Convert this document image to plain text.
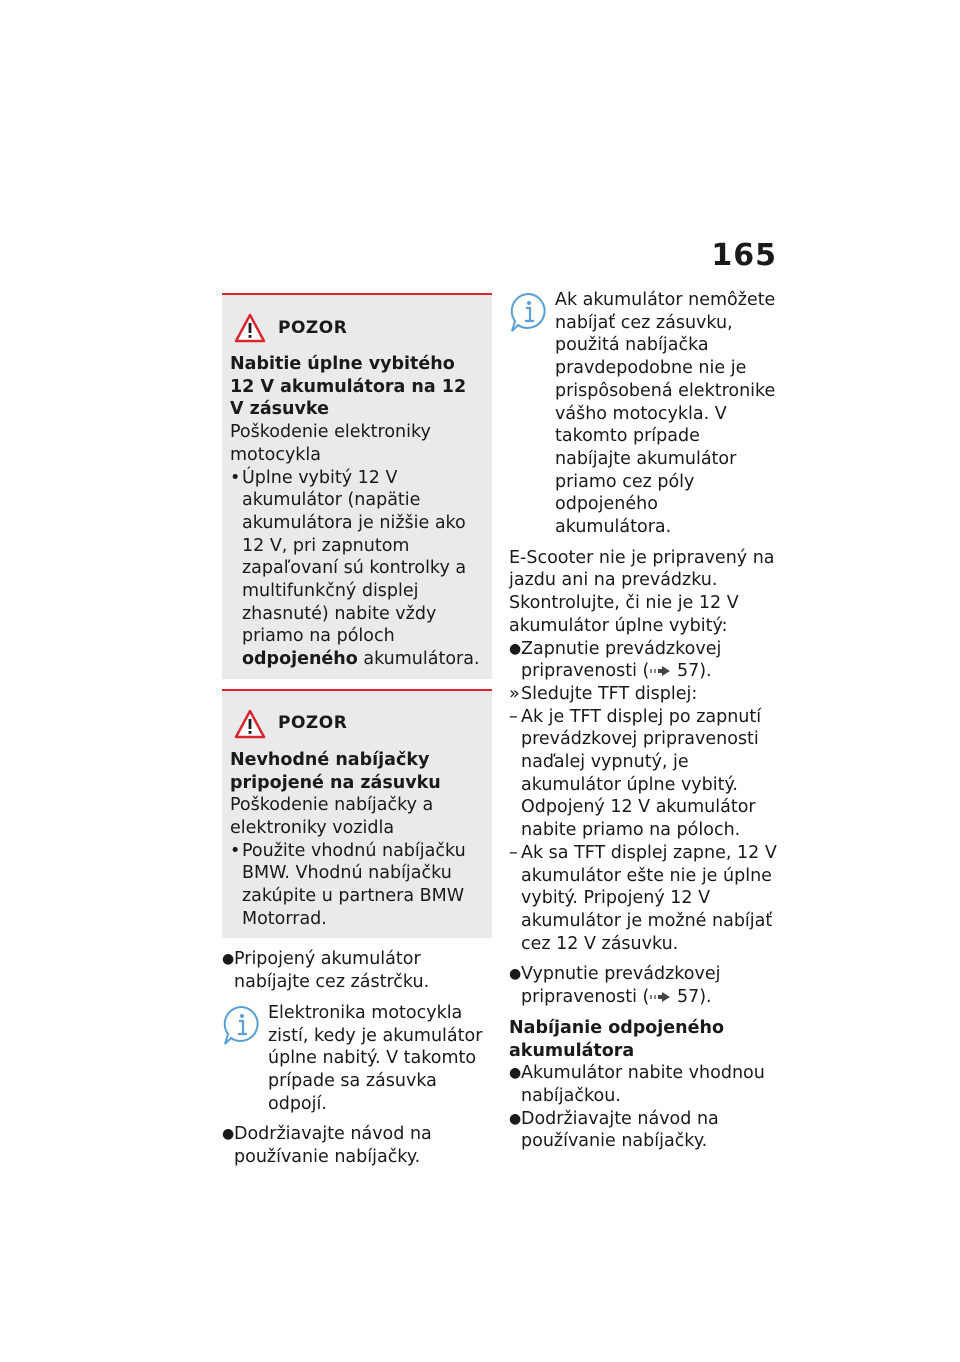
165
POZOR

Nabitie úplne vybitého 12 V akumulátora na 12 V zásuvke

Poškodenie elektroniky motocykla

• Úplne vybitý 12 V akumulátor (napätie akumulátora je nižšie ako 12 V, pri zapnutom zapaľovaní sú kontrolky a multifunkčný displej zhasnuté) nabite vždy priamo na póloch odpojeného akumulátora.
POZOR

Nevhodné nabíjačky pripojené na zásuvku

Poškodenie nabíjačky a elektroniky vozidla

• Použite vhodnú nabíjačku BMW. Vhodnú nabíjačku zakúpite u partnera BMW Motorrad.
● Pripojený akumulátor nabíjajte cez zástrčku.

Elektronika motocykla zistí, kedy je akumulátor úplne nabitý. V takomto prípade sa zásuvka odpojí.

● Dodržiavajte návod na používanie nabíjačky.

Ak akumulátor nemôžete nabíjať cez zásuvku, použitá nabíjačka pravdepodobne nie je prispôsobená elektronike vášho motocykla. V takomto prípade nabíjajte akumulátor priamo cez póly odpojeného akumulátora.

E-Scooter nie je pripravený na jazdu ani na prevádzku. Skontrolujte, či nie je 12 V akumulátor úplne vybitý:

● Zapnutie prevádzkovej pripravenosti ( 57).
» Sledujte TFT displej:
– Ak je TFT displej po zapnutí prevádzkovej pripravenosti naďalej vypnutý, je akumulátor úplne vybitý. Odpojený 12 V akumulátor nabite priamo na póloch.
– Ak sa TFT displej zapne, 12 V akumulátor ešte nie je úplne vybitý. Pripojený 12 V akumulátor je možné nabíjať cez 12 V zásuvku.
● Vypnutie prevádzkovej pripravenosti ( 57).

Nabíjanie odpojeného akumulátora

● Akumulátor nabite vhodnou nabíjačkou.
● Dodržiavajte návod na používanie nabíjačky.
